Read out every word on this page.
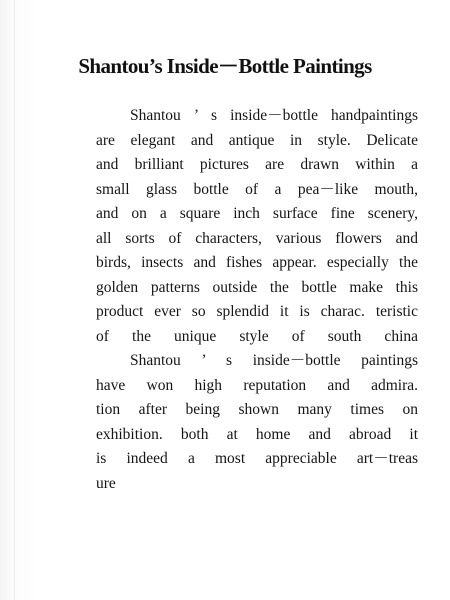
Shantou’s Inside－Bottle Paintings
Shantou ’ s inside－bottle handpaintings
are elegant and antique in style. Delicate
and brilliant pictures are drawn within a
small glass bottle of a pea－like mouth,
and on a square inch surface fine scenery,
all sorts of characters, various flowers and
birds, insects and fishes appear. especially the
golden patterns outside the bottle make this
product ever so splendid it is charac. teristic
of the unique style of south china
Shantou ’ s inside－bottle paintings
have won high reputation and admira.
tion after being shown many times on
exhibition. both at home and abroad it
is indeed a most appreciable art－treas
ure
